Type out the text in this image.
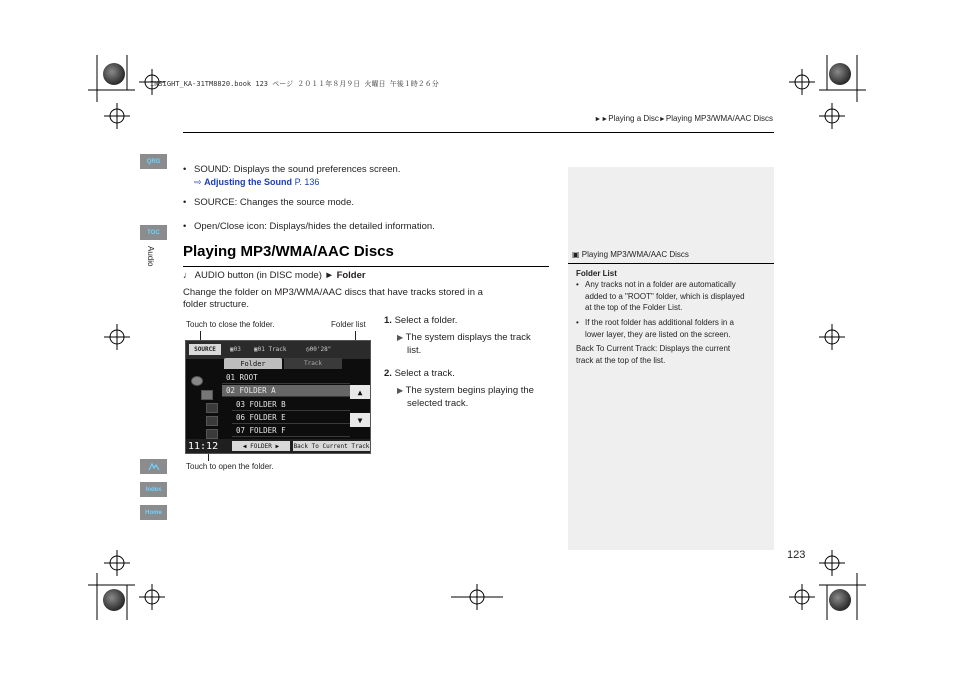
INSIGHT_KA-31TM8820.book 123 ページ ２０１１年８月９日 火曜日 午後１時２６分
►►Playing a Disc►Playing MP3/WMA/AAC Discs
QRG
TOC
Audio
Index
Home
SOUND: Displays the sound preferences screen.
⇨ Adjusting the Sound P. 136
SOURCE: Changes the source mode.
Open/Close icon: Displays/hides the detailed information.
Playing MP3/WMA/AAC Discs
♩ AUDIO button (in DISC mode) ► Folder
Change the folder on MP3/WMA/AAC discs that have tracks stored in a
folder structure.
Touch to close the folder.	Folder list
Touch to open the folder.
SOURCE	▣03 ▣01 Track	◷00'28"
Folder	Track
01 ROOT
02 FOLDER A
03 FOLDER B
06 FOLDER E
07 FOLDER F
▲
▼
11:12	◀ FOLDER ▶ Back To Current Track
1. Select a folder.
▶ The system displays the track
list.
2. Select a track.
▶ The system begins playing the
selected track.
▣ Playing MP3/WMA/AAC Discs
Folder List
• Any tracks not in a folder are automatically
added to a "ROOT" folder, which is displayed
at the top of the Folder List.
• If the root folder has additional folders in a
lower layer, they are listed on the screen.
Back To Current Track: Displays the current
track at the top of the list.
123
